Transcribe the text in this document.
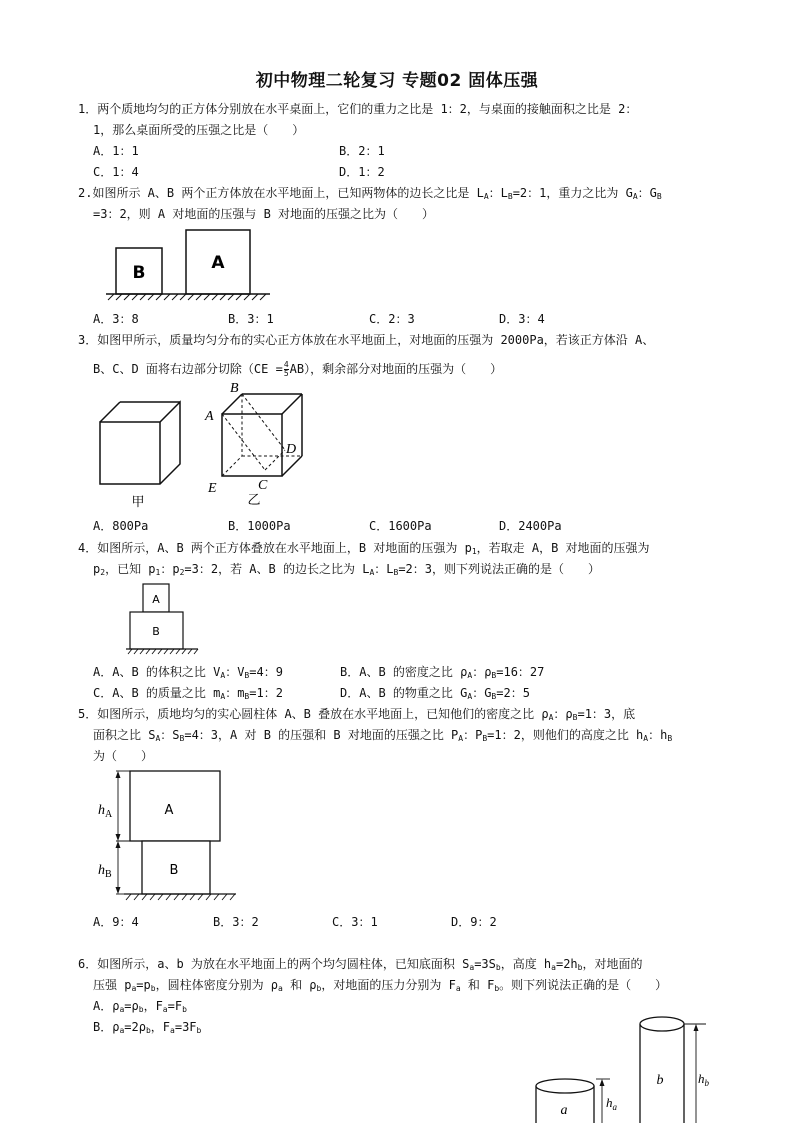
初中物理二轮复习 专题02 固体压强
1．两个质地均匀的正方体分别放在水平桌面上，它们的重力之比是 1：2，与桌面的接触面积之比是 2：
1，那么桌面所受的压强之比是（　　）
A．1：1	B．2：1
C．1：4	D．1：2
2.如图所示 A、B 两个正方体放在水平地面上，已知两物体的边长之比是 $L_A$：$L_B=2$：1，重力之比为 $G_A$：$G_B$
=3：2，则 A 对地面的压强与 B 对地面的压强之比为（　　）
B	A
A．3：8	B．3：1	C．2：3	D．3：4
3．如图甲所示，质量均匀分布的实心正方体放在水平地面上，对地面的压强为 2000Pa，若该正方体沿 A、
B、C、D 面将右边部分切除$(CE = \frac{4}{5} AB)$，剩余部分对地面的压强为（　　）
甲
B
A
D
C
E
乙
A．800Pa	B．1000Pa	C．1600Pa	D．2400Pa
4．如图所示，A、B 两个正方体叠放在水平地面上，B 对地面的压强为 $p_1$，若取走 A，B 对地面的压强为
$p_2$，已知 $p_1$：$p_2=3$：2，若 A、B 的边长之比为 $L_A$：$L_B=2$：3，则下列说法正确的是（　　）
A
B
A．A、B 的体积之比 $V_A$：$V_B=4$：9	B．A、B 的密度之比 $\rho_A$：$\rho_B=16$：27
C．A、B 的质量之比 $m_A$：$m_B=1$：2	D．A、B 的物重之比 $G_A$：$G_B=2$：5
5．如图所示，质地均匀的实心圆柱体 A、B 叠放在水平地面上，已知他们的密度之比 $\rho_A$：$\rho_B=1$：3，底
面积之比 $S_A$：$S_B=4$：3，A 对 B 的压强和 B 对地面的压强之比 $P_A$：$P_B=1$：2，则他们的高度之比 $h_A$：$h_B$
为（　　）
$h_A$
$h_B$
A
B
A．9：4	B．3：2	C．3：1	D．9：2
6．如图所示，a、b 为放在水平地面上的两个均匀圆柱体，已知底面积 $S_a=3S_b$，高度 $h_a=2h_b$，对地面的
压强 $p_a=p_b$，圆柱体密度分别为 $\rho_a$ 和 $\rho_b$，对地面的压力分别为 $F_a$ 和 $F_b$。则下列说法正确的是（　　）
A．$\rho_a=\rho_b$，$F_a=F_b$
B．$\rho_a=2\rho_b$，$F_a=3F_b$
b
a
$h_a$
$h_b$
